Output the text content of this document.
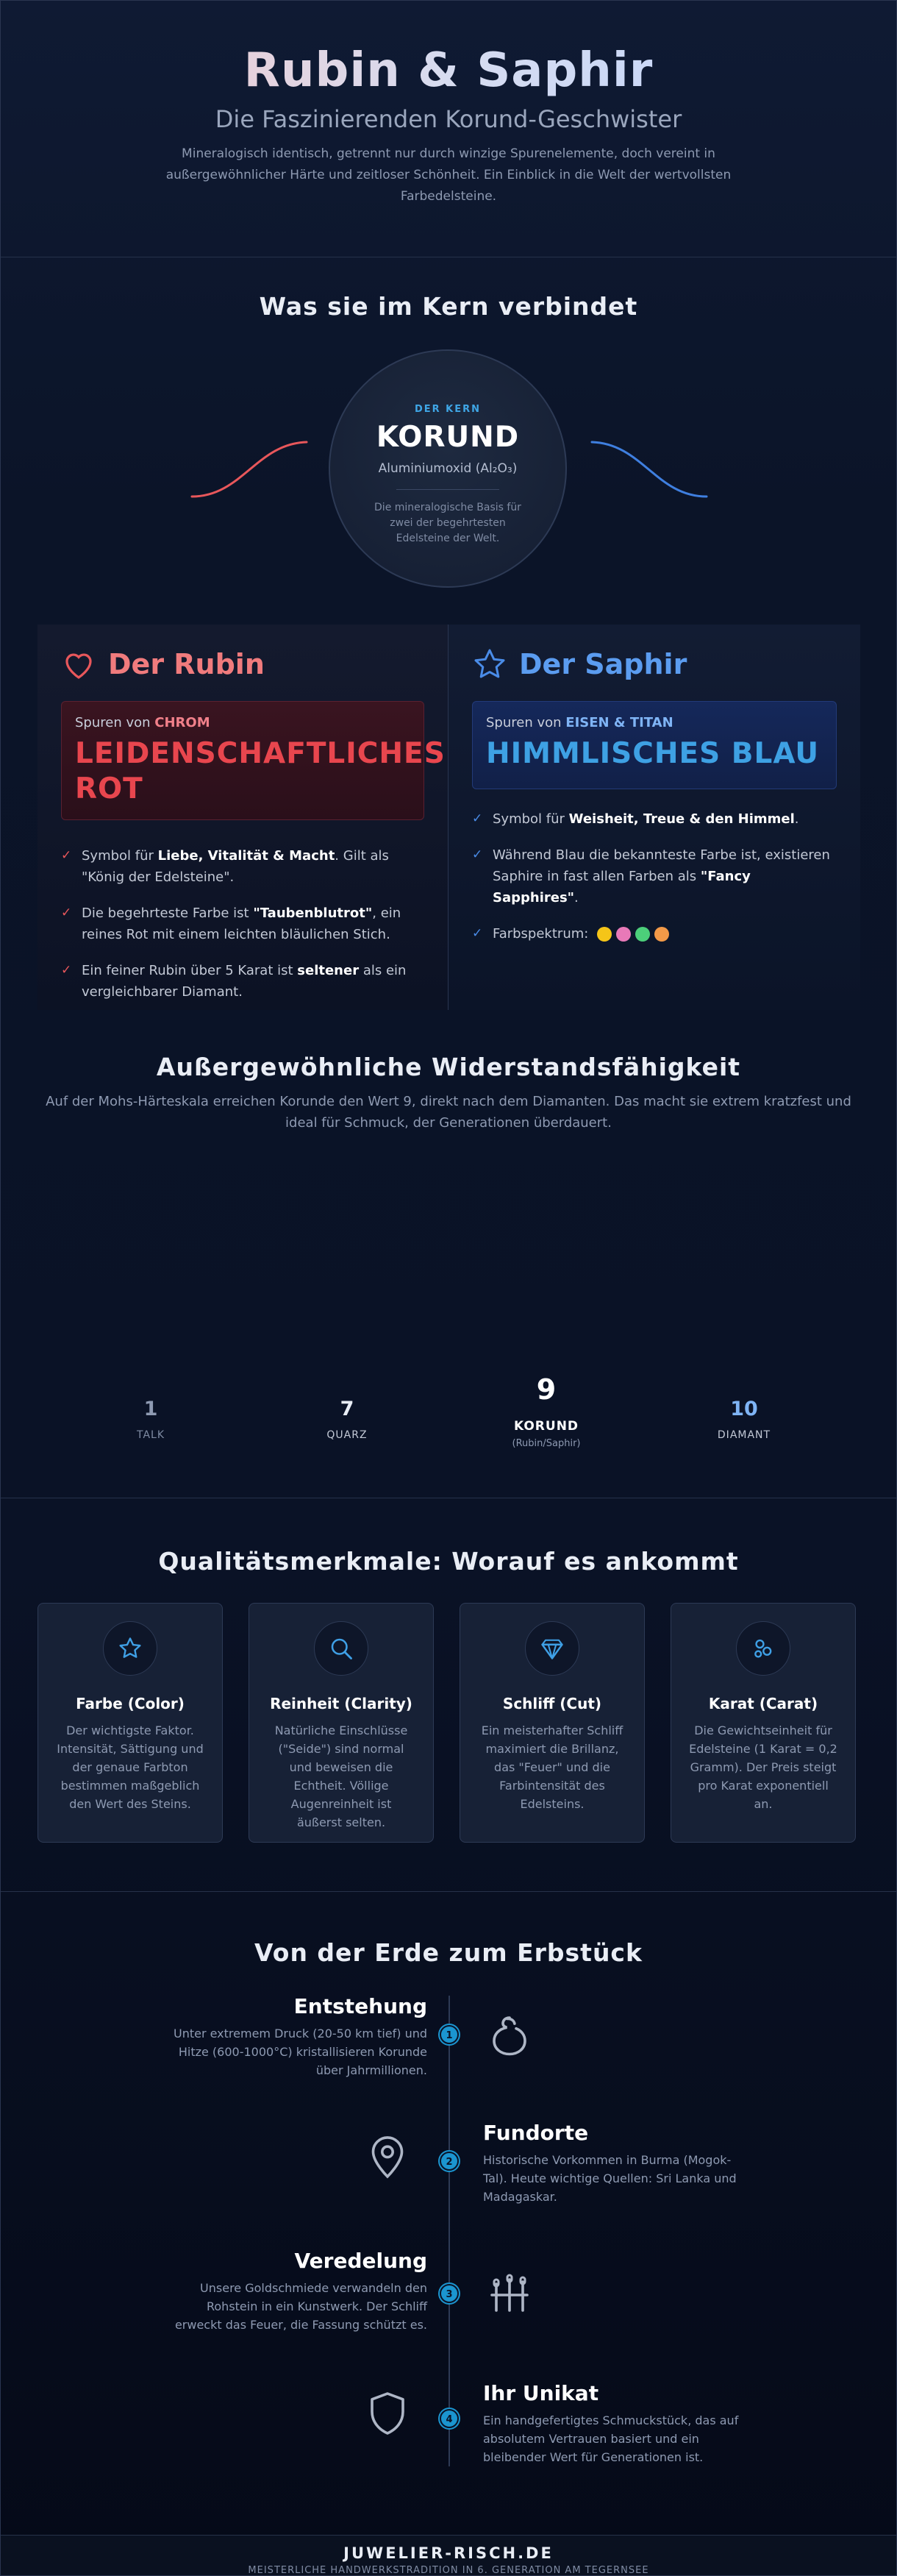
Rubin & Saphir
Die Faszinierenden Korund-Geschwister
Mineralogisch identisch, getrennt nur durch winzige Spurenelemente, doch vereint in außergewöhnlicher Härte und zeitloser Schönheit. Ein Einblick in die Welt der wertvollsten Farbedelsteine.
Was sie im Kern verbindet
DER KERN
KORUND
Aluminiumoxid (Al₂O₃)
Die mineralogische Basis für zwei der begehrtesten Edelsteine der Welt.
Der Rubin
Spuren von CHROM
LEIDENSCHAFTLICHES ROT
✓ Symbol für Liebe, Vitalität & Macht. Gilt als "König der Edelsteine".
✓ Die begehrteste Farbe ist "Taubenblutrot", ein reines Rot mit einem leichten bläulichen Stich.
✓ Ein feiner Rubin über 5 Karat ist seltener als ein vergleichbarer Diamant.
Der Saphir
Spuren von EISEN & TITAN
HIMMLISCHES BLAU
✓ Symbol für Weisheit, Treue & den Himmel.
✓ Während Blau die bekannteste Farbe ist, existieren Saphire in fast allen Farben als "Fancy Sapphires".
✓ Farbspektrum:
Außergewöhnliche Widerstandsfähigkeit
Auf der Mohs-Härteskala erreichen Korunde den Wert 9, direkt nach dem Diamanten. Das macht sie extrem kratzfest und ideal für Schmuck, der Generationen überdauert.
1
TALK
7
QUARZ
9
KORUND
(Rubin/Saphir)
10
DIAMANT
Qualitätsmerkmale: Worauf es ankommt
Farbe (Color)
Der wichtigste Faktor. Intensität, Sättigung und der genaue Farbton bestimmen maßgeblich den Wert des Steins.
Reinheit (Clarity)
Natürliche Einschlüsse ("Seide") sind normal und beweisen die Echtheit. Völlige Augenreinheit ist äußerst selten.
Schliff (Cut)
Ein meisterhafter Schliff maximiert die Brillanz, das "Feuer" und die Farbintensität des Edelsteins.
Karat (Carat)
Die Gewichtseinheit für Edelsteine (1 Karat = 0,2 Gramm). Der Preis steigt pro Karat exponentiell an.
Von der Erde zum Erbstück
Entstehung
Unter extremem Druck (20-50 km tief) und Hitze (600-1000°C) kristallisieren Korunde über Jahrmillionen.
1
2
Fundorte
Historische Vorkommen in Burma (Mogok-Tal). Heute wichtige Quellen: Sri Lanka und Madagaskar.
Veredelung
Unsere Goldschmiede verwandeln den Rohstein in ein Kunstwerk. Der Schliff erweckt das Feuer, die Fassung schützt es.
3
4
Ihr Unikat
Ein handgefertigtes Schmuckstück, das auf absolutem Vertrauen basiert und ein bleibender Wert für Generationen ist.
JUWELIER-RISCH.DE
MEISTERLICHE HANDWERKSTRADITION IN 6. GENERATION AM TEGERNSEE
